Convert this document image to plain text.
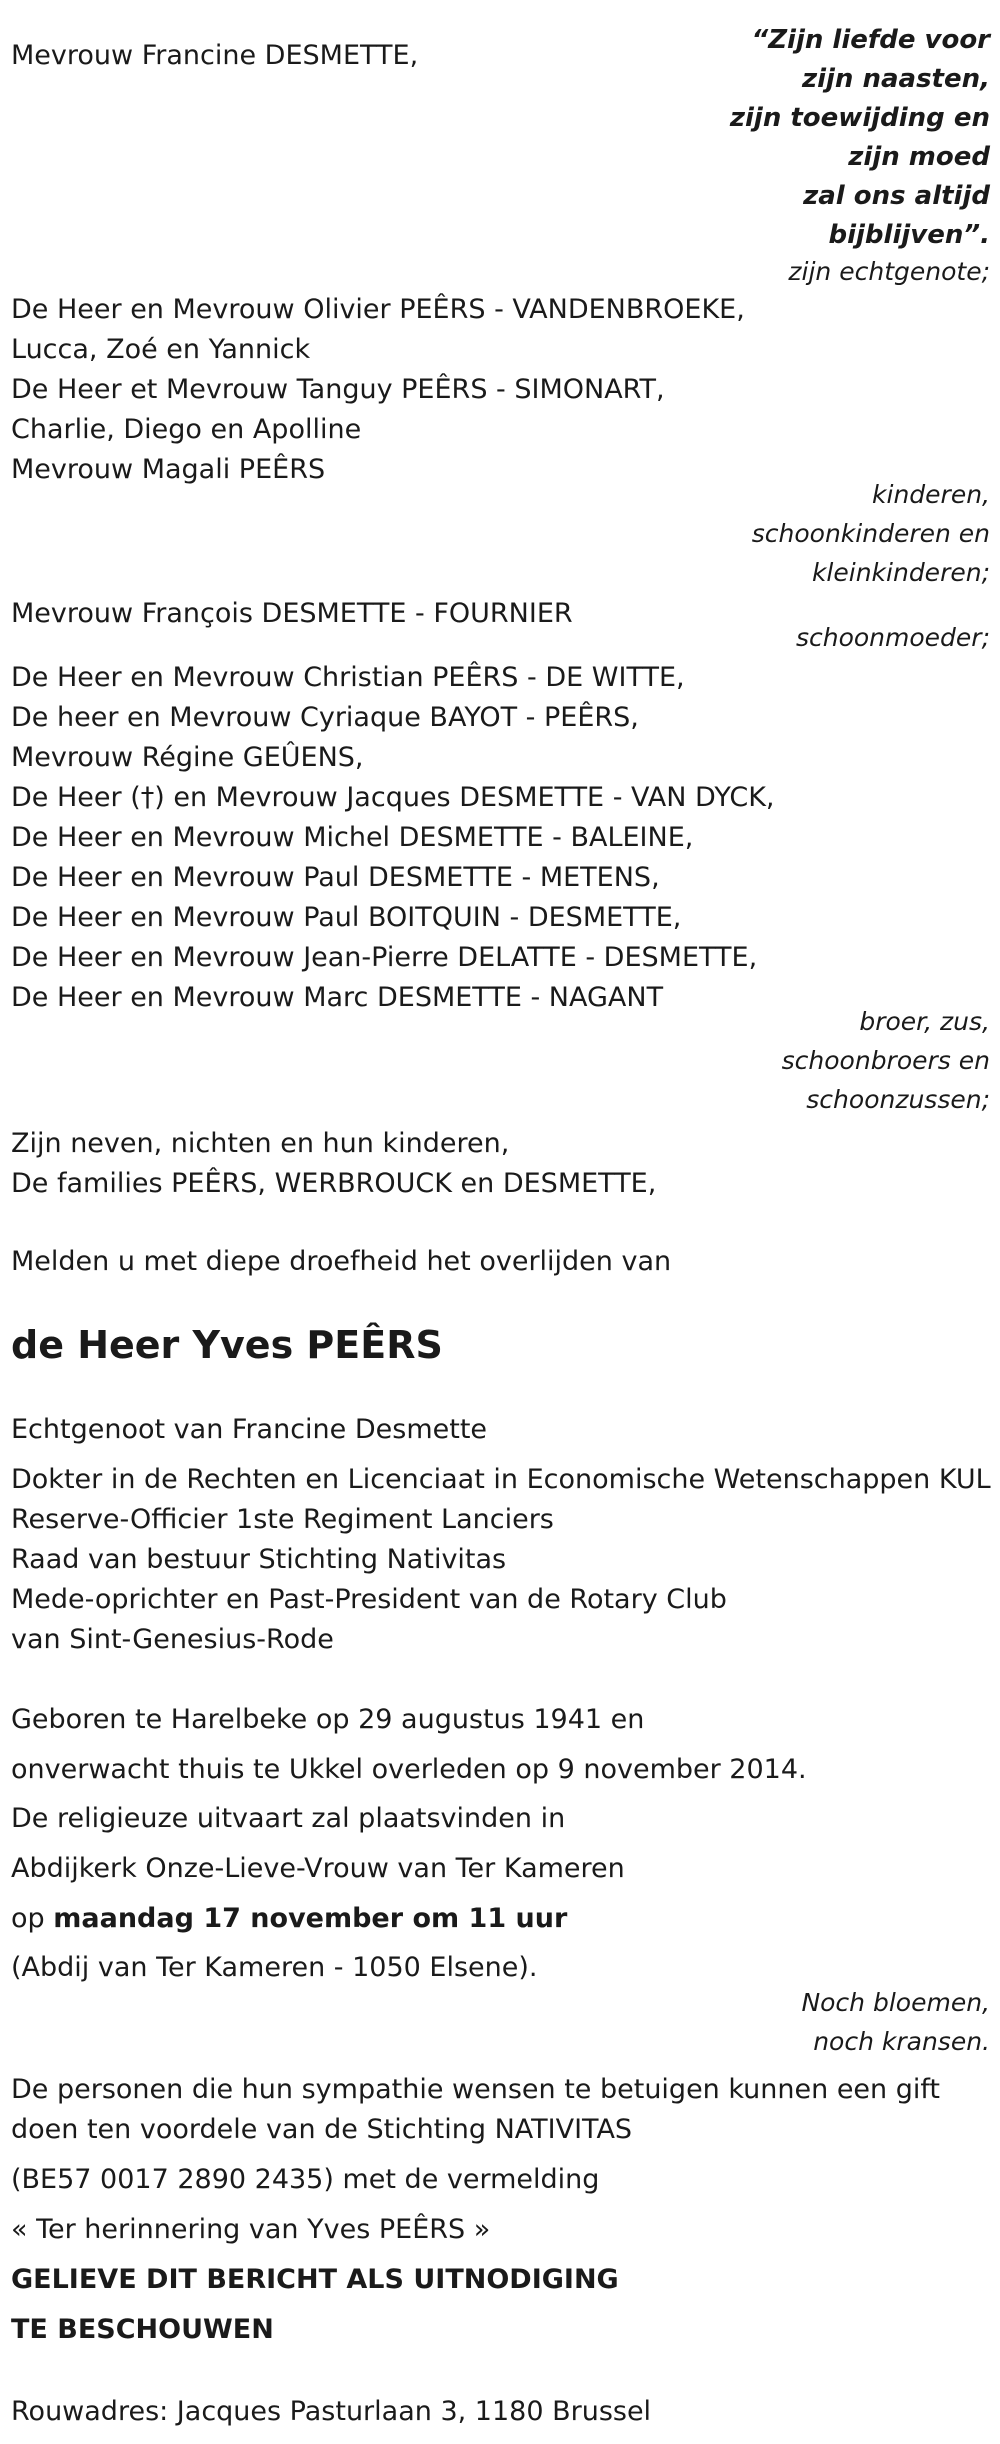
“Zijn liefde voor
zijn naasten,
zijn toewijding en
zijn moed
zal ons altijd
bijblijven”.
Mevrouw Francine DESMETTE,
zijn echtgenote;
De Heer en Mevrouw Olivier PEÊRS - VANDENBROEKE,
Lucca, Zoé en Yannick
De Heer et Mevrouw Tanguy PEÊRS - SIMONART,
Charlie, Diego en Apolline
Mevrouw Magali PEÊRS
kinderen,
schoonkinderen en
kleinkinderen;
Mevrouw François DESMETTE - FOURNIER
schoonmoeder;
De Heer en Mevrouw Christian PEÊRS - DE WITTE,
De heer en Mevrouw Cyriaque BAYOT - PEÊRS,
Mevrouw Régine GEÛENS,
De Heer (†) en Mevrouw Jacques DESMETTE - VAN DYCK,
De Heer en Mevrouw Michel DESMETTE - BALEINE,
De Heer en Mevrouw Paul DESMETTE - METENS,
De Heer en Mevrouw Paul BOITQUIN - DESMETTE,
De Heer en Mevrouw Jean-Pierre DELATTE - DESMETTE,
De Heer en Mevrouw Marc DESMETTE - NAGANT
broer, zus,
schoonbroers en
schoonzussen;
Zijn neven, nichten en hun kinderen,
De families PEÊRS, WERBROUCK en DESMETTE,
Melden u met diepe droefheid het overlijden van
de Heer Yves PEÊRS
Echtgenoot van Francine Desmette
Dokter in de Rechten en Licenciaat in Economische Wetenschappen KUL
Reserve-Officier 1ste Regiment Lanciers
Raad van bestuur Stichting Nativitas
Mede-oprichter en Past-President van de Rotary Club
van Sint-Genesius-Rode
Geboren te Harelbeke op 29 augustus 1941 en
onverwacht thuis te Ukkel overleden op 9 november 2014.
De religieuze uitvaart zal plaatsvinden in
Abdijkerk Onze-Lieve-Vrouw van Ter Kameren
op maandag 17 november om 11 uur
(Abdij van Ter Kameren - 1050 Elsene).
Noch bloemen,
noch kransen.
De personen die hun sympathie wensen te betuigen kunnen een gift
doen ten voordele van de Stichting NATIVITAS
(BE57 0017 2890 2435) met de vermelding
« Ter herinnering van Yves PEÊRS »
GELIEVE DIT BERICHT ALS UITNODIGING
TE BESCHOUWEN
Rouwadres: Jacques Pasturlaan 3, 1180 Brussel
